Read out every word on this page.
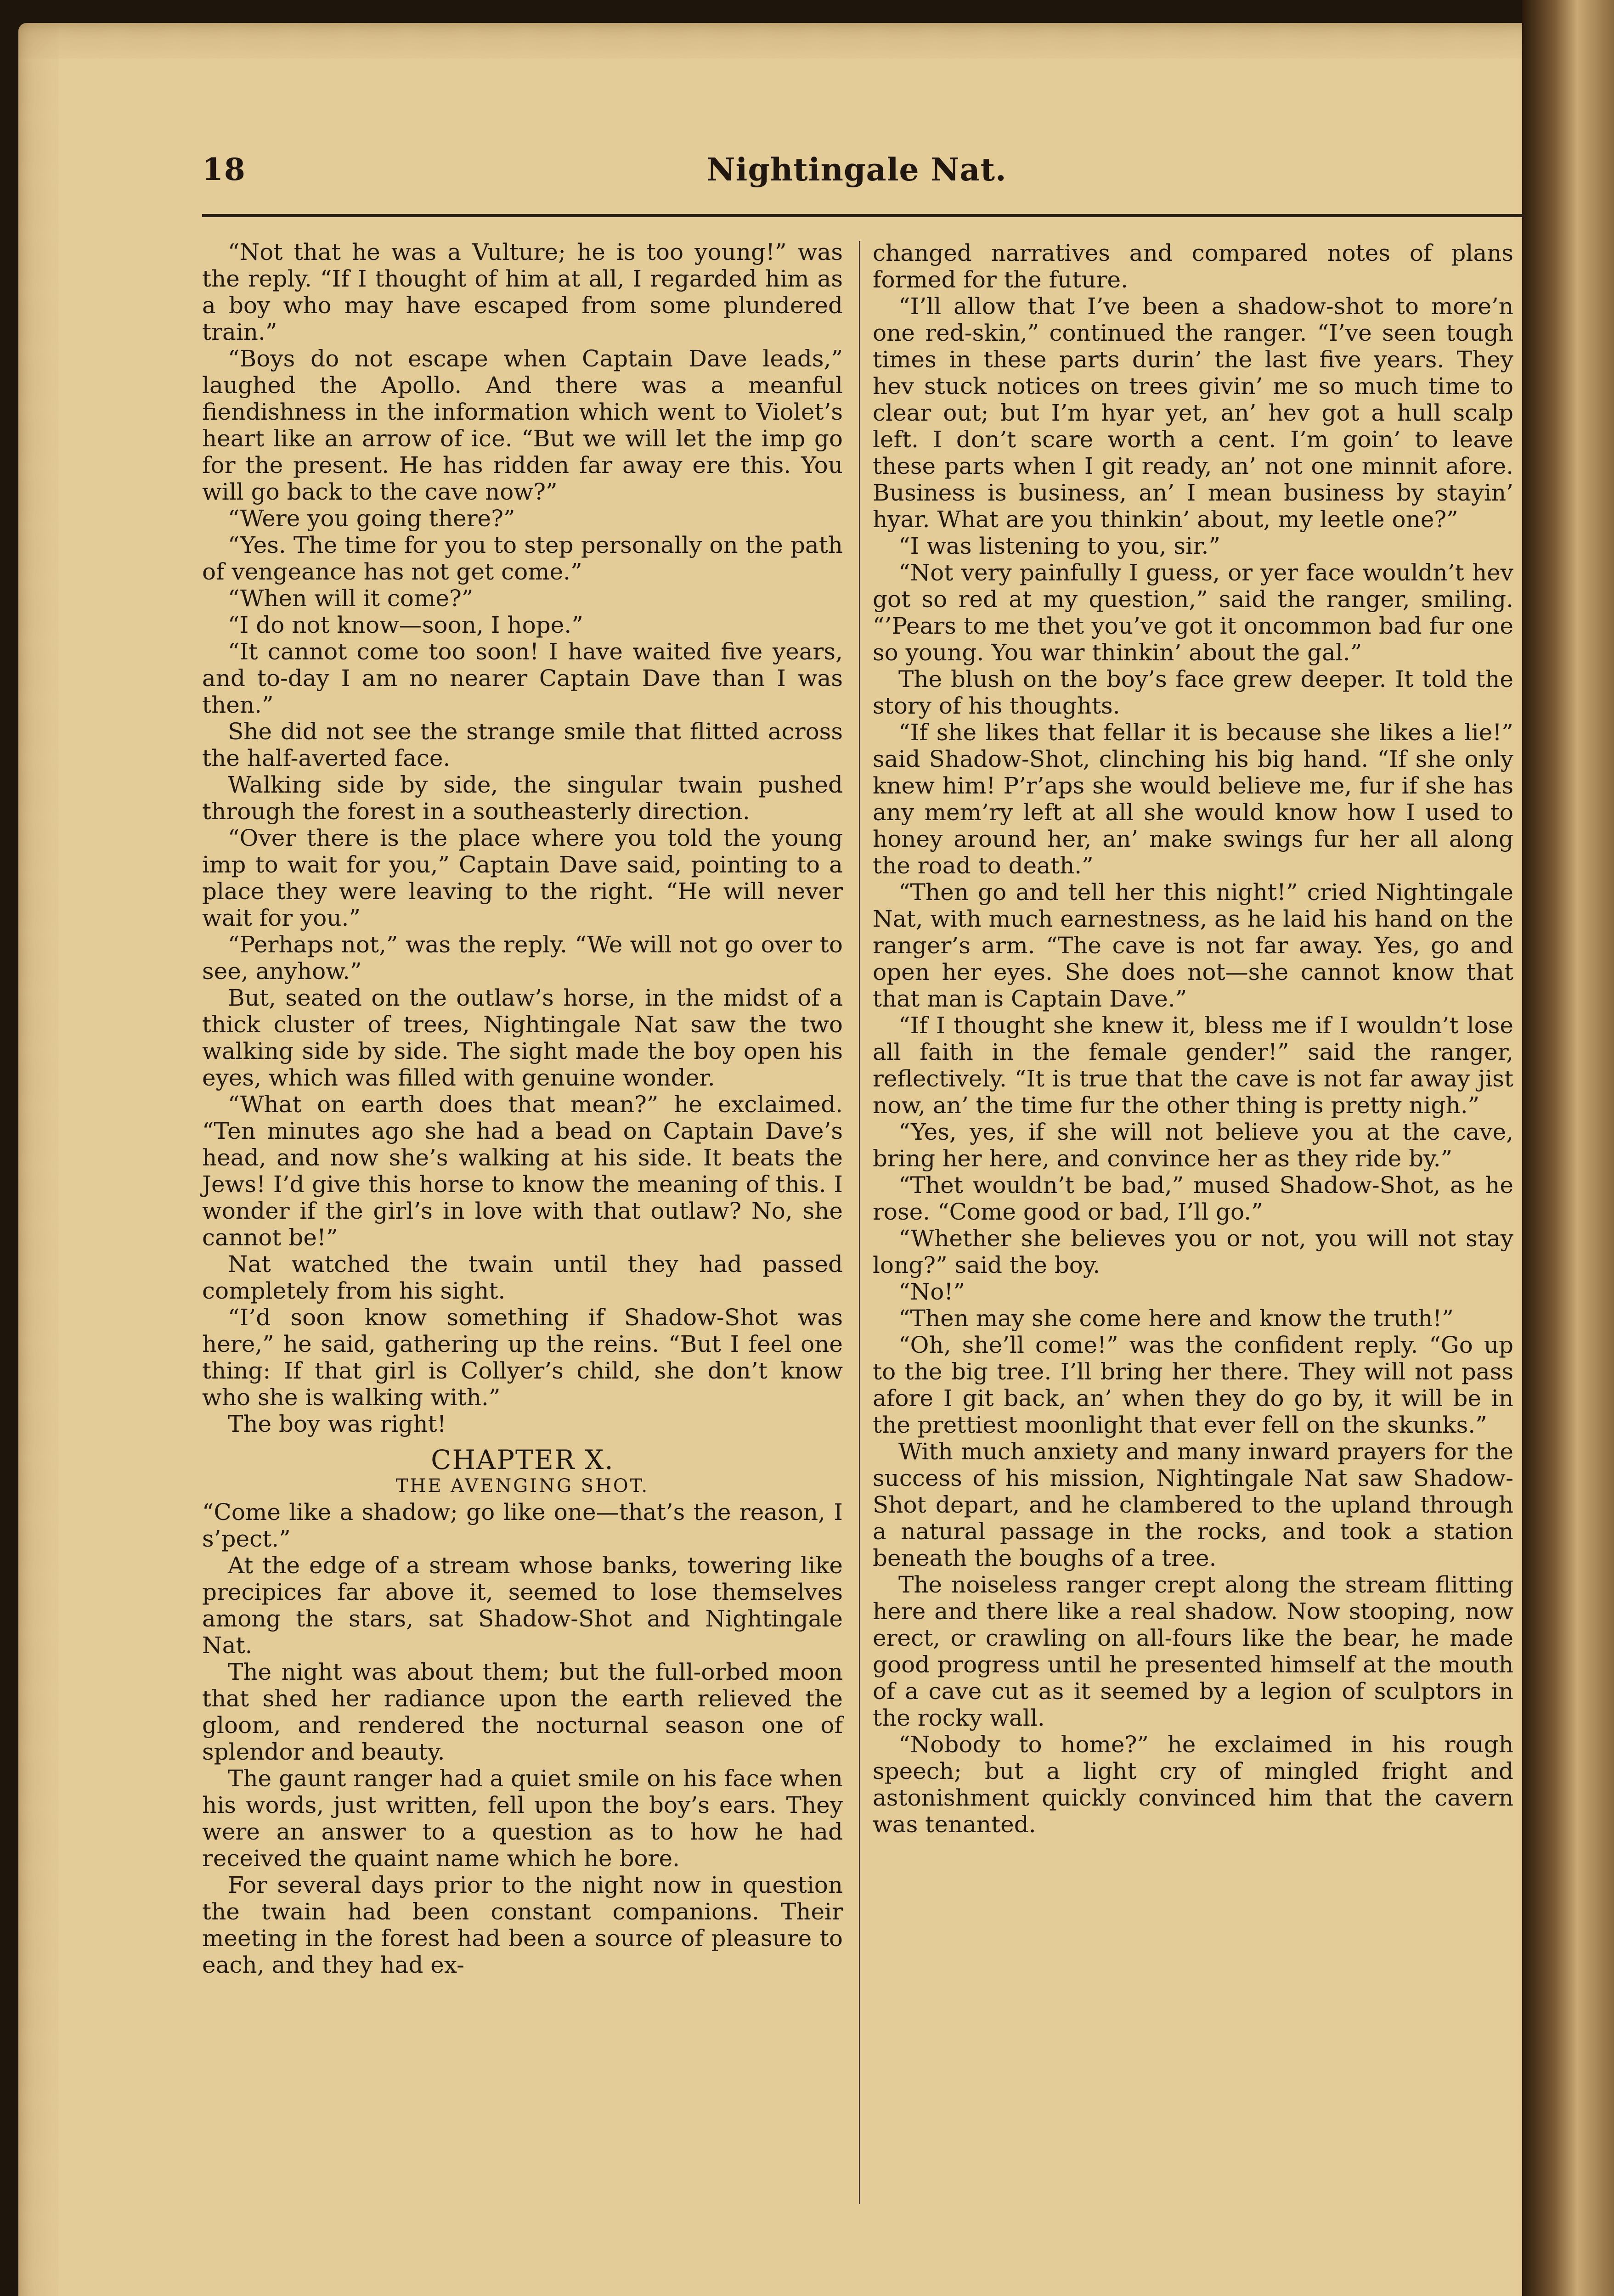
18	Nightingale Nat.

“Not that he was a Vulture; he is too young!” was the reply. “If I thought of him at all, I regarded him as a boy who may have escaped from some plundered train.”

“Boys do not escape when Captain Dave leads,” laughed the Apollo. And there was a meanful fiendishness in the information which went to Violet’s heart like an arrow of ice. “But we will let the imp go for the present. He has ridden far away ere this. You will go back to the cave now?”

“Were you going there?”

“Yes. The time for you to step personally on the path of vengeance has not get come.”

“When will it come?”

“I do not know—soon, I hope.”

“It cannot come too soon! I have waited five years, and to-day I am no nearer Captain Dave than I was then.”

She did not see the strange smile that flitted across the half-averted face.

Walking side by side, the singular twain pushed through the forest in a southeasterly direction.

“Over there is the place where you told the young imp to wait for you,” Captain Dave said, pointing to a place they were leaving to the right. “He will never wait for you.”

“Perhaps not,” was the reply. “We will not go over to see, anyhow.”

But, seated on the outlaw’s horse, in the midst of a thick cluster of trees, Nightingale Nat saw the two walking side by side. The sight made the boy open his eyes, which was filled with genuine wonder.

“What on earth does that mean?” he exclaimed. “Ten minutes ago she had a bead on Captain Dave’s head, and now she’s walking at his side. It beats the Jews! I’d give this horse to know the meaning of this. I wonder if the girl’s in love with that outlaw? No, she cannot be!”

Nat watched the twain until they had passed completely from his sight.

“I’d soon know something if Shadow-Shot was here,” he said, gathering up the reins. “But I feel one thing: If that girl is Collyer’s child, she don’t know who she is walking with.”

The boy was right!

CHAPTER X.
THE AVENGING SHOT.

“Come like a shadow; go like one—that’s the reason, I s’pect.”

At the edge of a stream whose banks, towering like precipices far above it, seemed to lose themselves among the stars, sat Shadow-Shot and Nightingale Nat.

The night was about them; but the full-orbed moon that shed her radiance upon the earth relieved the gloom, and rendered the nocturnal season one of splendor and beauty.

The gaunt ranger had a quiet smile on his face when his words, just written, fell upon the boy’s ears. They were an answer to a question as to how he had received the quaint name which he bore.

For several days prior to the night now in question the twain had been constant companions. Their meeting in the forest had been a source of pleasure to each, and they had ex-

changed narratives and compared notes of plans formed for the future.

“I’ll allow that I’ve been a shadow-shot to more’n one red-skin,” continued the ranger. “I’ve seen tough times in these parts durin’ the last five years. They hev stuck notices on trees givin’ me so much time to clear out; but I’m hyar yet, an’ hev got a hull scalp left. I don’t scare worth a cent. I’m goin’ to leave these parts when I git ready, an’ not one minnit afore. Business is business, an’ I mean business by stayin’ hyar. What are you thinkin’ about, my leetle one?”

“I was listening to you, sir.”

“Not very painfully I guess, or yer face wouldn’t hev got so red at my question,” said the ranger, smiling. “’Pears to me thet you’ve got it oncommon bad fur one so young. You war thinkin’ about the gal.”

The blush on the boy’s face grew deeper. It told the story of his thoughts.

“If she likes that fellar it is because she likes a lie!” said Shadow-Shot, clinching his big hand. “If she only knew him! P’r’aps she would believe me, fur if she has any mem’ry left at all she would know how I used to honey around her, an’ make swings fur her all along the road to death.”

“Then go and tell her this night!” cried Nightingale Nat, with much earnestness, as he laid his hand on the ranger’s arm. “The cave is not far away. Yes, go and open her eyes. She does not—she cannot know that that man is Captain Dave.”

“If I thought she knew it, bless me if I wouldn’t lose all faith in the female gender!” said the ranger, reflectively. “It is true that the cave is not far away jist now, an’ the time fur the other thing is pretty nigh.”

“Yes, yes, if she will not believe you at the cave, bring her here, and convince her as they ride by.”

“Thet wouldn’t be bad,” mused Shadow-Shot, as he rose. “Come good or bad, I’ll go.”

“Whether she believes you or not, you will not stay long?” said the boy.

“No!”

“Then may she come here and know the truth!”

“Oh, she’ll come!” was the confident reply. “Go up to the big tree. I’ll bring her there. They will not pass afore I git back, an’ when they do go by, it will be in the prettiest moonlight that ever fell on the skunks.”

With much anxiety and many inward prayers for the success of his mission, Nightingale Nat saw Shadow-Shot depart, and he clambered to the upland through a natural passage in the rocks, and took a station beneath the boughs of a tree.

The noiseless ranger crept along the stream flitting here and there like a real shadow. Now stooping, now erect, or crawling on all-fours like the bear, he made good progress until he presented himself at the mouth of a cave cut as it seemed by a legion of sculptors in the rocky wall.

“Nobody to home?” he exclaimed in his rough speech; but a light cry of mingled fright and astonishment quickly convinced him that the cavern was tenanted.
